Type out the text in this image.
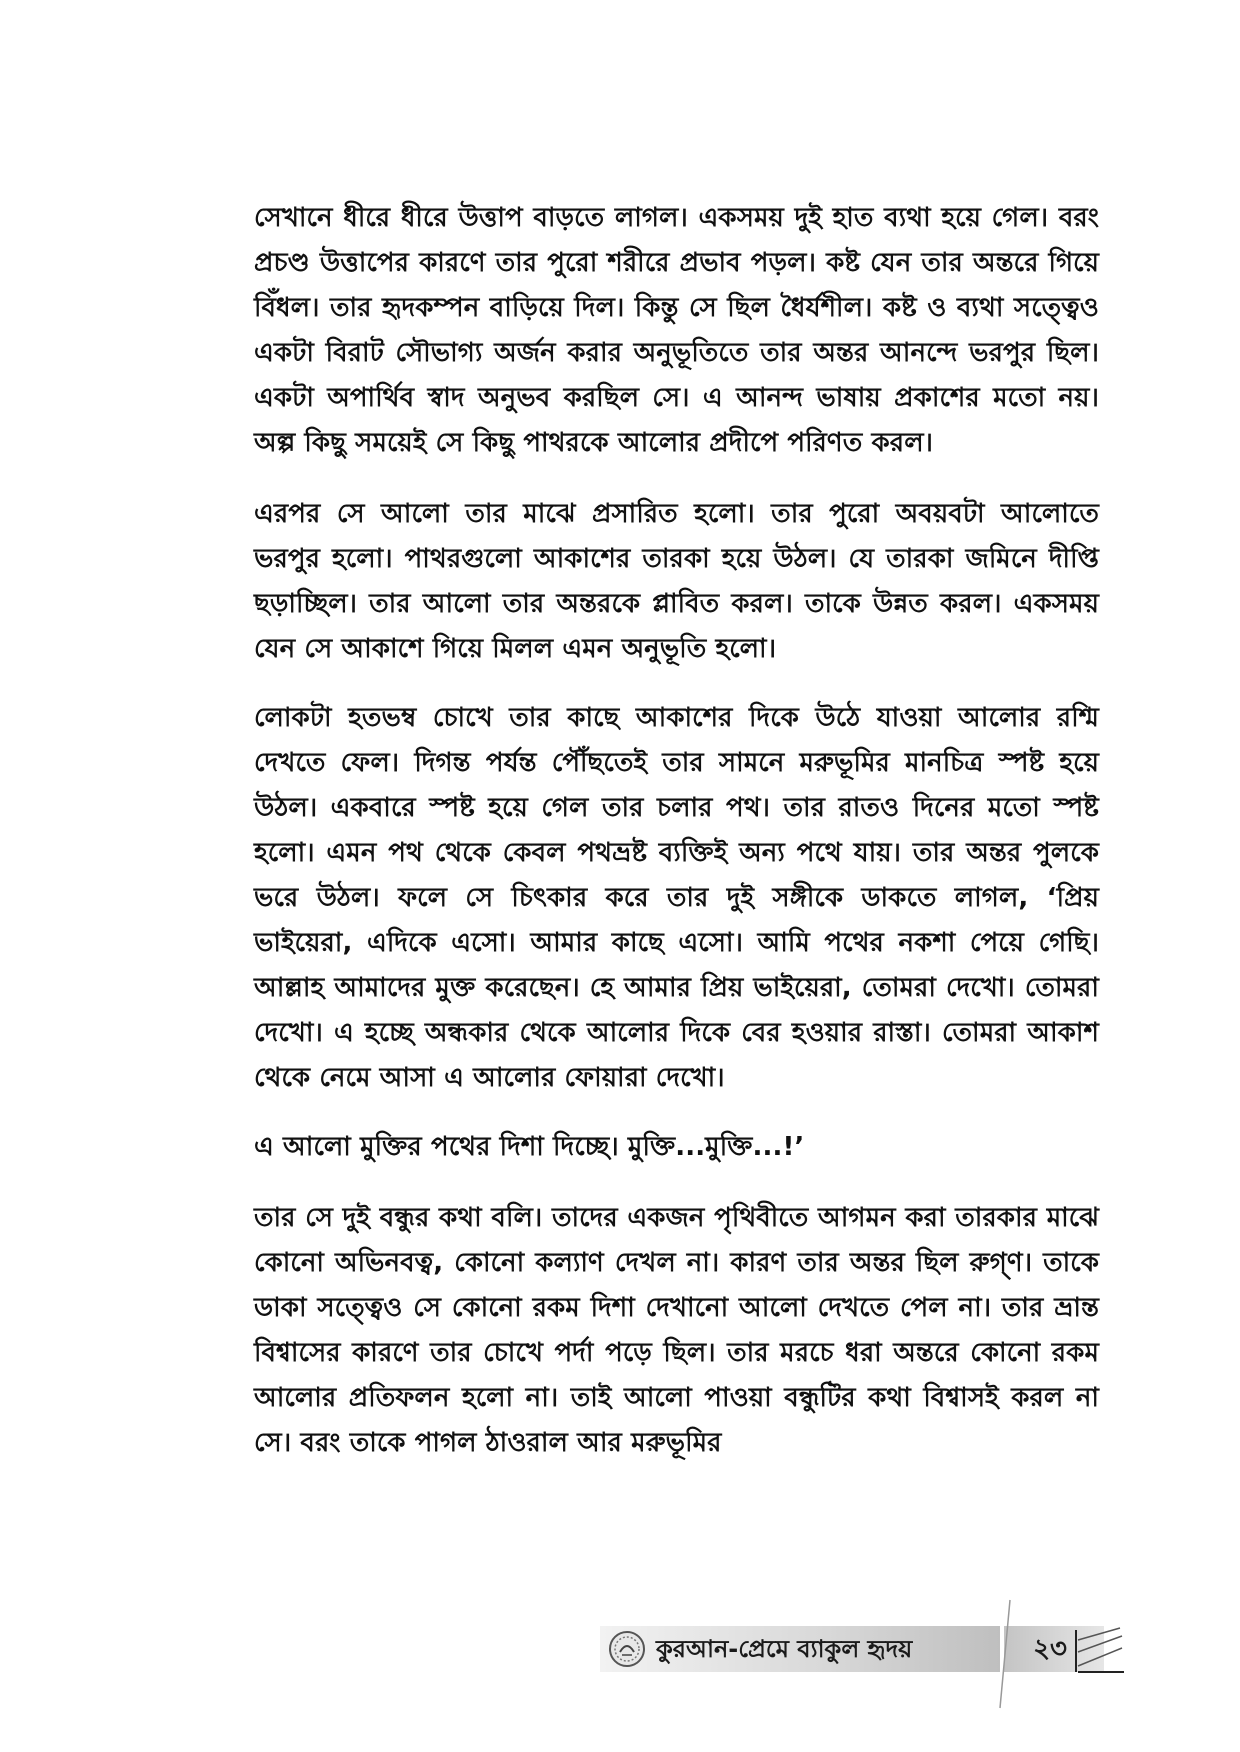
সেখানে ধীরে ধীরে উত্তাপ বাড়তে লাগল। একসময় দুই হাত ব্যথা হয়ে গেল। বরং প্রচণ্ড উত্তাপের কারণে তার পুরো শরীরে প্রভাব পড়ল। কষ্ট যেন তার অন্তরে গিয়ে বিঁধল। তার হৃদকম্পন বাড়িয়ে দিল। কিন্তু সে ছিল ধৈর্যশীল। কষ্ট ও ব্যথা সত্ত্বেও একটা বিরাট সৌভাগ্য অর্জন করার অনুভূতিতে তার অন্তর আনন্দে ভরপুর ছিল। একটা অপার্থিব স্বাদ অনুভব করছিল সে। এ আনন্দ ভাষায় প্রকাশের মতো নয়। অল্প কিছু সময়েই সে কিছু পাথরকে আলোর প্রদীপে পরিণত করল।

এরপর সে আলো তার মাঝে প্রসারিত হলো। তার পুরো অবয়বটা আলোতে ভরপুর হলো। পাথরগুলো আকাশের তারকা হয়ে উঠল। যে তারকা জমিনে দীপ্তি ছড়াচ্ছিল। তার আলো তার অন্তরকে প্লাবিত করল। তাকে উন্নত করল। একসময় যেন সে আকাশে গিয়ে মিলল এমন অনুভূতি হলো।

লোকটা হতভম্ব চোখে তার কাছে আকাশের দিকে উঠে যাওয়া আলোর রশ্মি দেখতে ফেল। দিগন্ত পর্যন্ত পৌঁছতেই তার সামনে মরুভূমির মানচিত্র স্পষ্ট হয়ে উঠল। একবারে স্পষ্ট হয়ে গেল তার চলার পথ। তার রাতও দিনের মতো স্পষ্ট হলো। এমন পথ থেকে কেবল পথভ্রষ্ট ব্যক্তিই অন্য পথে যায়। তার অন্তর পুলকে ভরে উঠল। ফলে সে চিৎকার করে তার দুই সঙ্গীকে ডাকতে লাগল, ‘প্রিয় ভাইয়েরা, এদিকে এসো। আমার কাছে এসো। আমি পথের নকশা পেয়ে গেছি। আল্লাহ আমাদের মুক্ত করেছেন। হে আমার প্রিয় ভাইয়েরা, তোমরা দেখো। তোমরা দেখো। এ হচ্ছে অন্ধকার থেকে আলোর দিকে বের হওয়ার রাস্তা। তোমরা আকাশ থেকে নেমে আসা এ আলোর ফোয়ারা দেখো।

এ আলো মুক্তির পথের দিশা দিচ্ছে। মুক্তি...মুক্তি...!’

তার সে দুই বন্ধুর কথা বলি। তাদের একজন পৃথিবীতে আগমন করা তারকার মাঝে কোনো অভিনবত্ব, কোনো কল্যাণ দেখল না। কারণ তার অন্তর ছিল রুগ্‌ণ। তাকে ডাকা সত্ত্বেও সে কোনো রকম দিশা দেখানো আলো দেখতে পেল না। তার ভ্রান্ত বিশ্বাসের কারণে তার চোখে পর্দা পড়ে ছিল। তার মরচে ধরা অন্তরে কোনো রকম আলোর প্রতিফলন হলো না। তাই আলো পাওয়া বন্ধুটির কথা বিশ্বাসই করল না সে। বরং তাকে পাগল ঠাওরাল আর মরুভূমির

কুরআন-প্রেমে ব্যাকুল হৃদয়	২৩
